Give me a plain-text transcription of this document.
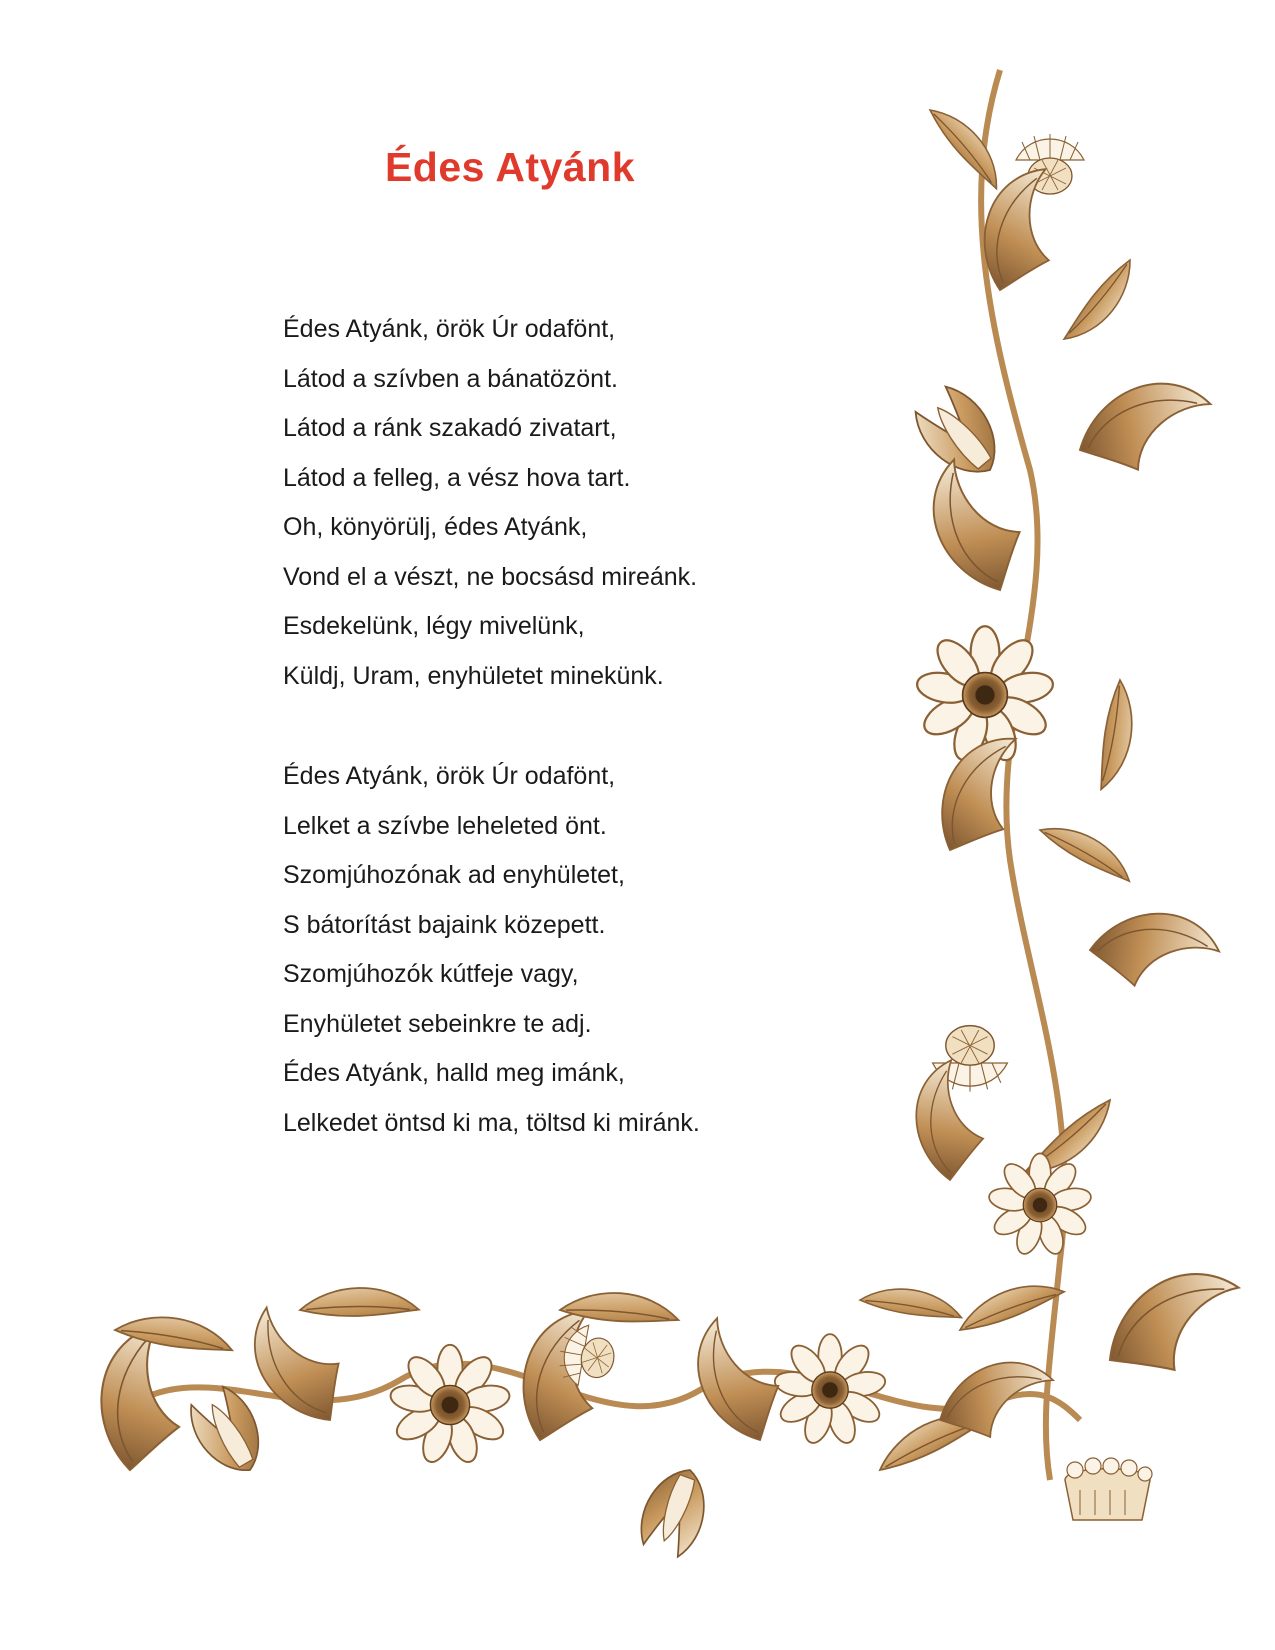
Édes Atyánk
Édes Atyánk, örök Úr odafönt,
Látod a szívben a bánatözönt.
Látod a ránk szakadó zivatart,
Látod a felleg, a vész hova tart.
Oh, könyörülj, édes Atyánk,
Vond el a vészt, ne bocsásd mireánk.
Esdekelünk, légy mivelünk,
Küldj, Uram, enyhületet minekünk.
Édes Atyánk, örök Úr odafönt,
Lelket a szívbe leheleted önt.
Szomjúhozónak ad enyhületet,
S bátorítást bajaink közepett.
Szomjúhozók kútfeje vagy,
Enyhületet sebeinkre te adj.
Édes Atyánk, halld meg imánk,
Lelkedet öntsd ki ma, töltsd ki miránk.
